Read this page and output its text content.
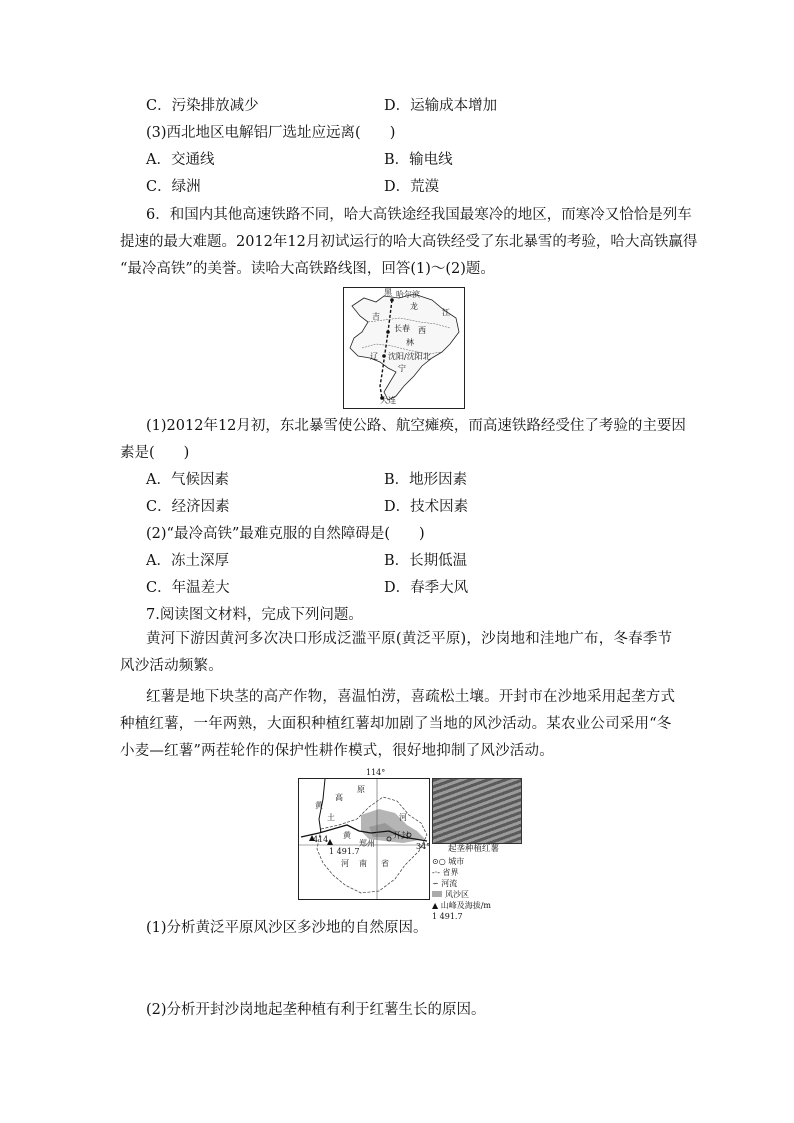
C．污染排放减少	D．运输成本增加
(3)西北地区电解铝厂选址应远离(　　)
A．交通线	B．输电线
C．绿洲	D．荒漠
6．和国内其他高速铁路不同，哈大高铁途经我国最寒冷的地区，而寒冷又恰恰是列车
提速的最大难题。2012年12月初试运行的哈大高铁经受了东北暴雪的考验，哈大高铁赢得
“最冷高铁”的美誉。读哈大高铁路线图，回答(1)～(2)题。
黑 哈尔滨
龙
江
吉
长春 西
林
辽 沈阳/沈阳北
宁
大连
(1)2012年12月初，东北暴雪使公路、航空瘫痪，而高速铁路经受住了考验的主要因
素是(　　)
A．气候因素	B．地形因素
C．经济因素	D．技术因素
(2)“最冷高铁”最难克服的自然障碍是(　　)
A．冻土深厚	B．长期低温
C．年温差大	D．春季大风
7.阅读图文材料，完成下列问题。
黄河下游因黄河多次决口形成泛滥平原(黄泛平原)，沙岗地和洼地广布，冬春季节风沙活动频繁。
红薯是地下块茎的高产作物，喜温怕涝，喜疏松土壤。开封市在沙地采用起垄方式种植红薯，一年两熟，大面积种植红薯却加剧了当地的风沙活动。某农业公司采用“冬小麦—红薯”两茬轮作的保护性耕作模式，很好地抑制了风沙活动。
114°
黄
土
高
原
河
黄	开封
郑州
414
1 491.7
河 南 省
34° 起垄种植红薯
⊙○ 城市
-·- 省界
∽ 河流
风沙区
▲ 山峰及海拔/m
1 491.7
(1)分析黄泛平原风沙区多沙地的自然原因。
(2)分析开封沙岗地起垄种植有利于红薯生长的原因。
